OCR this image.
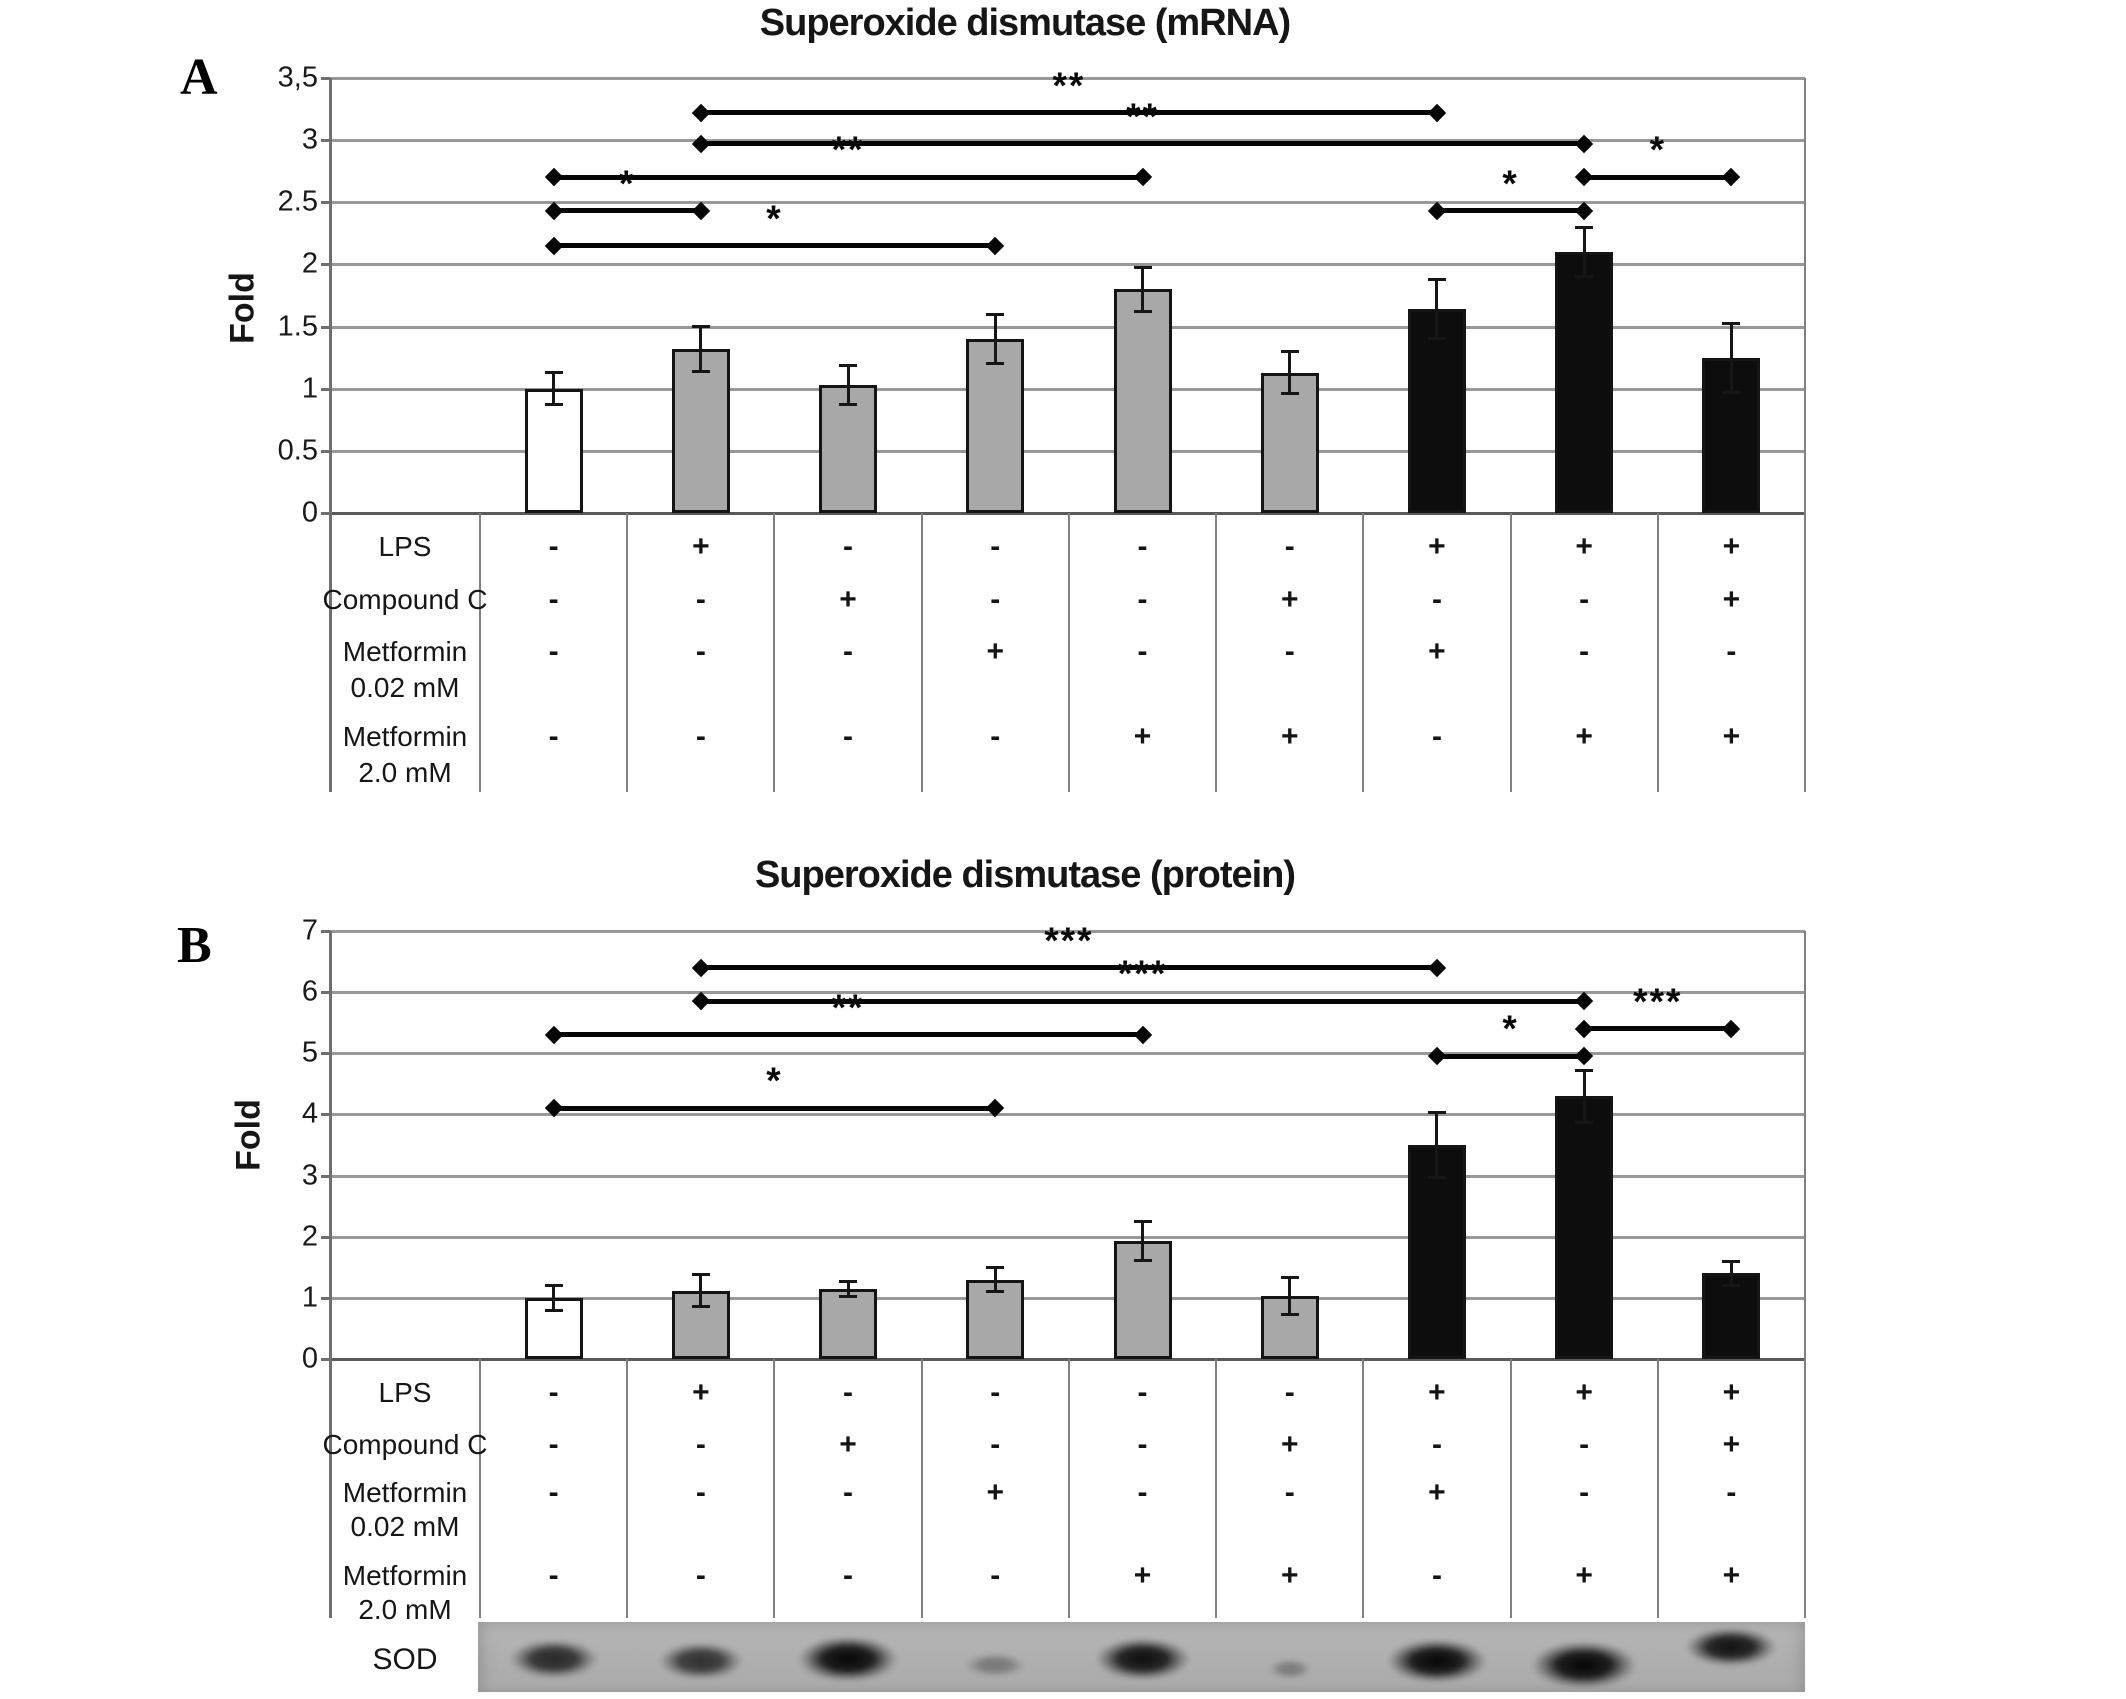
Superoxide dismutase (mRNA)
A
Fold
Superoxide dismutase (protein)
B
Fold
SOD
3,5
3
2.5
2
1.5
1
0.5
0
**
**
**	*
*	*
*
LPS	-	+	-	-	-	-	+	+	+
Compound C -	-	+	-	-	+	-	-	+
Metformin
0.02 mM
-	-	-	+	-	-	+	-	-
Metformin
2.0 mM
-	-	-	-	+	+	-	+	+
7
6
5
4
3
2
1
0
***
***
**	***
*
*
LPS	-	+	-	-	-	-	+	+	+
Compound C -	-	+	-	-	+	-	-	+
Metformin
0.02 mM
-	-	-	+	-	-	+	-	-
Metformin
2.0 mM
-	-	-	-	+	+	-	+	+
